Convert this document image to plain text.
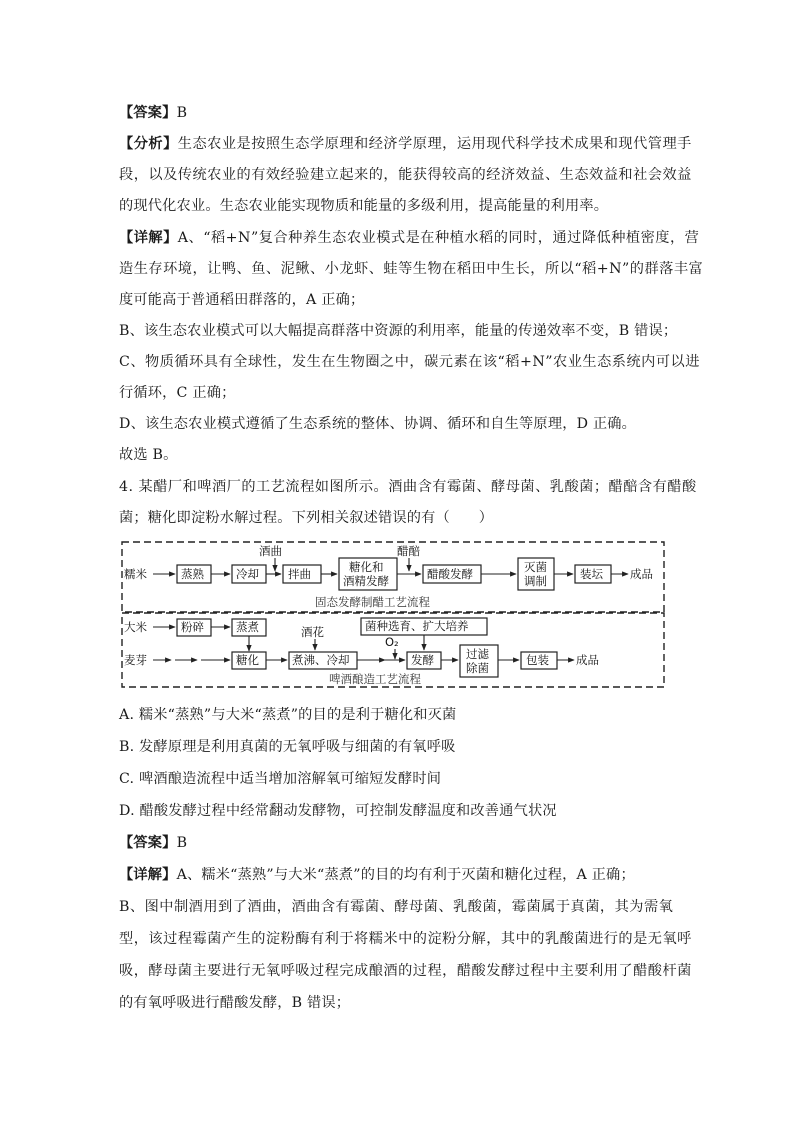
【答案】B
【分析】生态农业是按照生态学原理和经济学原理，运用现代科学技术成果和现代管理手
段，以及传统农业的有效经验建立起来的，能获得较高的经济效益、生态效益和社会效益
的现代化农业。生态农业能实现物质和能量的多级利用，提高能量的利用率。
【详解】A、“稻+N”复合种养生态农业模式是在种植水稻的同时，通过降低种植密度，营
造生存环境，让鸭、鱼、泥鳅、小龙虾、蛙等生物在稻田中生长，所以“稻+N”的群落丰富
度可能高于普通稻田群落的，A 正确；
B、该生态农业模式可以大幅提高群落中资源的利用率，能量的传递效率不变，B 错误；
C、物质循环具有全球性，发生在生物圈之中，碳元素在该“稻+N”农业生态系统内可以进
行循环，C 正确；
D、该生态农业模式遵循了生态系统的整体、协调、循环和自生等原理，D 正确。
故选 B。
4. 某醋厂和啤酒厂的工艺流程如图所示。酒曲含有霉菌、酵母菌、乳酸菌；醋醅含有醋酸
菌；糖化即淀粉水解过程。下列相关叙述错误的有（　　）
糯米	蒸熟	冷却
酒曲
拌曲	糖化和
酒精发酵
醋醅
醋酸发酵	灭菌
调制	装坛 成品
固态发酵制醋工艺流程
大米	粉碎	蒸煮
麦芽	糖化
酒花
煮沸、冷却
菌种选育、扩大培养
O₂
发酵	过滤
除菌
包装 成品
啤酒酿造工艺流程
A. 糯米“蒸熟”与大米“蒸煮”的目的是利于糖化和灭菌
B. 发酵原理是利用真菌的无氧呼吸与细菌的有氧呼吸
C. 啤酒酿造流程中适当增加溶解氧可缩短发酵时间
D. 醋酸发酵过程中经常翻动发酵物，可控制发酵温度和改善通气状况
【答案】B
【详解】A、糯米“蒸熟”与大米“蒸煮”的目的均有利于灭菌和糖化过程，A 正确；
B、图中制酒用到了酒曲，酒曲含有霉菌、酵母菌、乳酸菌，霉菌属于真菌，其为需氧
型，该过程霉菌产生的淀粉酶有利于将糯米中的淀粉分解，其中的乳酸菌进行的是无氧呼
吸，酵母菌主要进行无氧呼吸过程完成酿酒的过程，醋酸发酵过程中主要利用了醋酸杆菌
的有氧呼吸进行醋酸发酵，B 错误；
